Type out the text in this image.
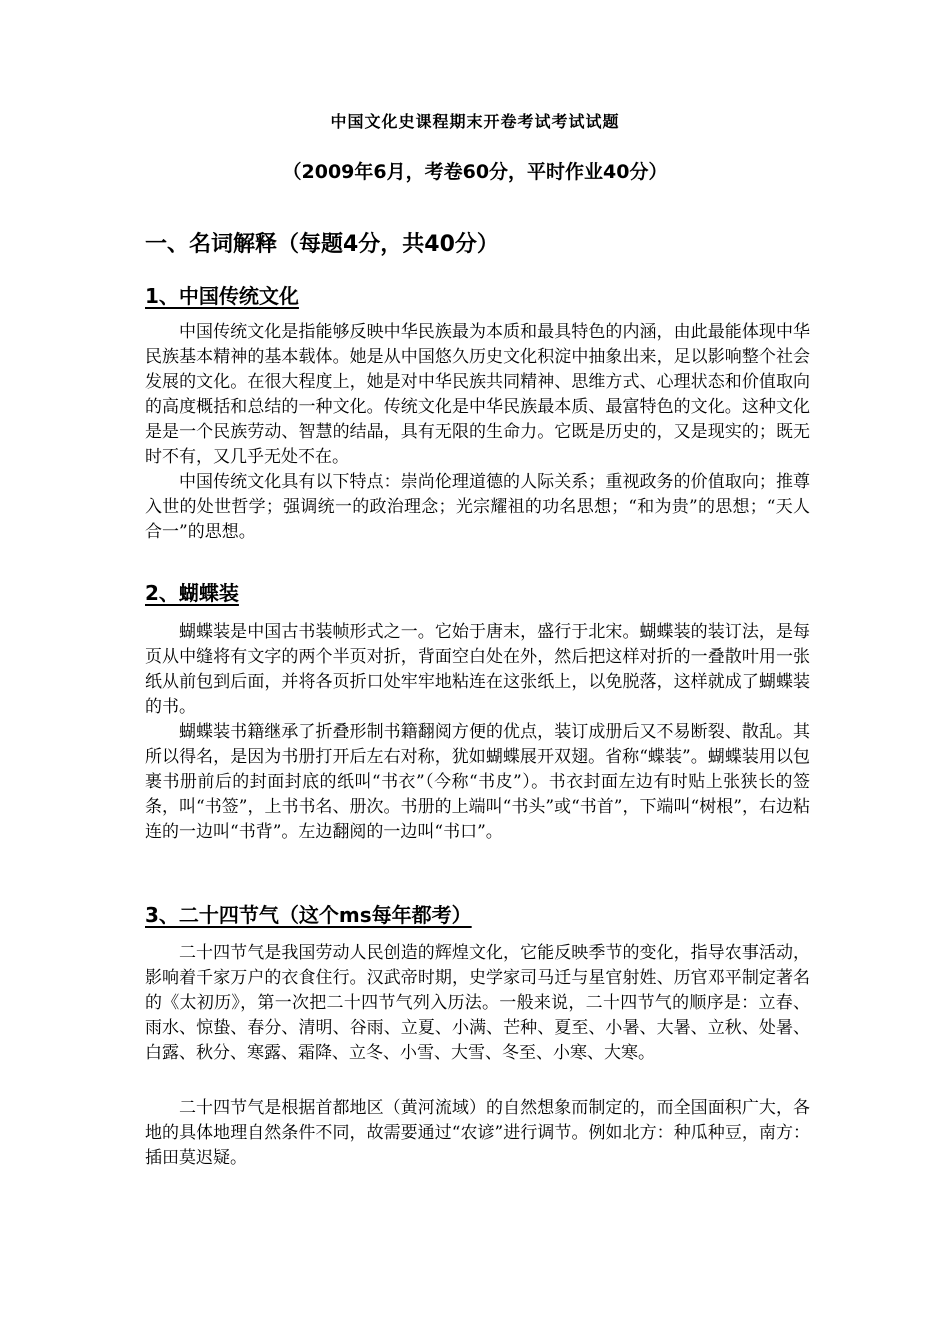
中国文化史课程期末开卷考试考试试题
（2009年6月，考卷60分，平时作业40分）
一、名词解释（每题4分，共40分）
1、中国传统文化

中国传统文化是指能够反映中华民族最为本质和最具特色的内涵，由此最能体现中华民族基本精神的基本载体。她是从中国悠久历史文化积淀中抽象出来，足以影响整个社会发展的文化。在很大程度上，她是对中华民族共同精神、思维方式、心理状态和价值取向的高度概括和总结的一种文化。传统文化是中华民族最本质、最富特色的文化。这种文化是是一个民族劳动、智慧的结晶，具有无限的生命力。它既是历史的，又是现实的；既无时不有，又几乎无处不在。

中国传统文化具有以下特点：崇尚伦理道德的人际关系；重视政务的价值取向；推尊入世的处世哲学；强调统一的政治理念；光宗耀祖的功名思想；“和为贵”的思想；“天人合一”的思想。

2、蝴蝶装

蝴蝶装是中国古书装帧形式之一。它始于唐末，盛行于北宋。蝴蝶装的装订法，是每页从中缝将有文字的两个半页对折，背面空白处在外，然后把这样对折的一叠散叶用一张纸从前包到后面，并将各页折口处牢牢地粘连在这张纸上，以免脱落，这样就成了蝴蝶装的书。

蝴蝶装书籍继承了折叠形制书籍翻阅方便的优点，装订成册后又不易断裂、散乱。其所以得名，是因为书册打开后左右对称，犹如蝴蝶展开双翅。省称“蝶装”。蝴蝶装用以包裹书册前后的封面封底的纸叫“书衣”（今称“书皮”）。书衣封面左边有时贴上张狭长的签条，叫“书签”，上书书名、册次。书册的上端叫“书头”或“书首”，下端叫“树根”，右边粘连的一边叫“书背”。左边翻阅的一边叫“书口”。

3、二十四节气（这个ms每年都考）

二十四节气是我国劳动人民创造的辉煌文化，它能反映季节的变化，指导农事活动，影响着千家万户的衣食住行。汉武帝时期，史学家司马迁与星官射姓、历官邓平制定著名的《太初历》，第一次把二十四节气列入历法。一般来说，二十四节气的顺序是：立春、雨水、惊蛰、春分、清明、谷雨、立夏、小满、芒种、夏至、小暑、大暑、立秋、处暑、白露、秋分、寒露、霜降、立冬、小雪、大雪、冬至、小寒、大寒。

二十四节气是根据首都地区（黄河流域）的自然想象而制定的，而全国面积广大，各地的具体地理自然条件不同，故需要通过“农谚”进行调节。例如北方：种瓜种豆，南方：插田莫迟疑。
